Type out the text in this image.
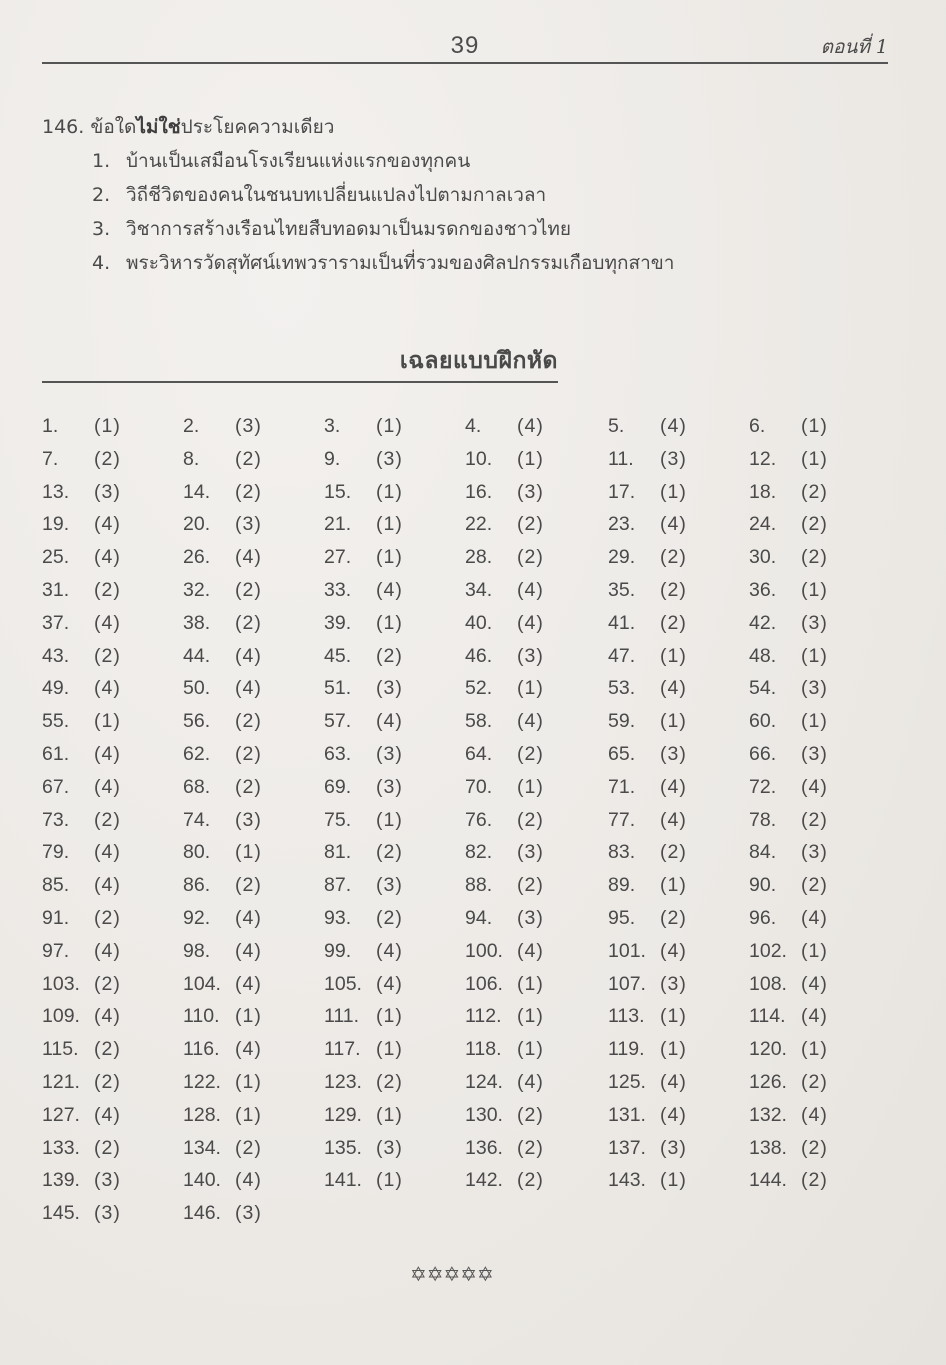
39	ตอนที่ 1
146. ข้อใดไม่ใช่ประโยคความเดียว
1. บ้านเป็นเสมือนโรงเรียนแห่งแรกของทุกคน
2. วิถีชีวิตของคนในชนบทเปลี่ยนแปลงไปตามกาลเวลา
3. วิชาการสร้างเรือนไทยสืบทอดมาเป็นมรดกของชาวไทย
4. พระวิหารวัดสุทัศน์เทพวรารามเป็นที่รวมของศิลปกรรมเกือบทุกสาขา
เฉลยแบบฝึกหัด
1. (1)	2. (3)	3. (1)	4. (4)	5. (4)	6. (1)
7. (2)	8. (2)	9. (3)	10. (1)	11. (3)	12. (1)
13. (3)	14. (2)	15. (1)	16. (3)	17. (1)	18. (2)
19. (4)	20. (3)	21. (1)	22. (2)	23. (4)	24. (2)
25. (4)	26. (4)	27. (1)	28. (2)	29. (2)	30. (2)
31. (2)	32. (2)	33. (4)	34. (4)	35. (2)	36. (1)
37. (4)	38. (2)	39. (1)	40. (4)	41. (2)	42. (3)
43. (2)	44. (4)	45. (2)	46. (3)	47. (1)	48. (1)
49. (4)	50. (4)	51. (3)	52. (1)	53. (4)	54. (3)
55. (1)	56. (2)	57. (4)	58. (4)	59. (1)	60. (1)
61. (4)	62. (2)	63. (3)	64. (2)	65. (3)	66. (3)
67. (4)	68. (2)	69. (3)	70. (1)	71. (4)	72. (4)
73. (2)	74. (3)	75. (1)	76. (2)	77. (4)	78. (2)
79. (4)	80. (1)	81. (2)	82. (3)	83. (2)	84. (3)
85. (4)	86. (2)	87. (3)	88. (2)	89. (1)	90. (2)
91. (2)	92. (4)	93. (2)	94. (3)	95. (2)	96. (4)
97. (4)	98. (4)	99. (4)	100. (4)	101. (4)	102. (1)
103. (2)	104. (4)	105. (4)	106. (1)	107. (3)	108. (4)
109. (4)	110. (1)	111. (1)	112. (1)	113. (1)	114. (4)
115. (2)	116. (4)	117. (1)	118. (1)	119. (1)	120. (1)
121. (2)	122. (1)	123. (2)	124. (4)	125. (4)	126. (2)
127. (4)	128. (1)	129. (1)	130. (2)	131. (4)	132. (4)
133. (2)	134. (2)	135. (3)	136. (2)	137. (3)	138. (2)
139. (3)	140. (4)	141. (1)	142. (2)	143. (1)	144. (2)
145. (3)	146. (3)
✡✡✡✡✡
